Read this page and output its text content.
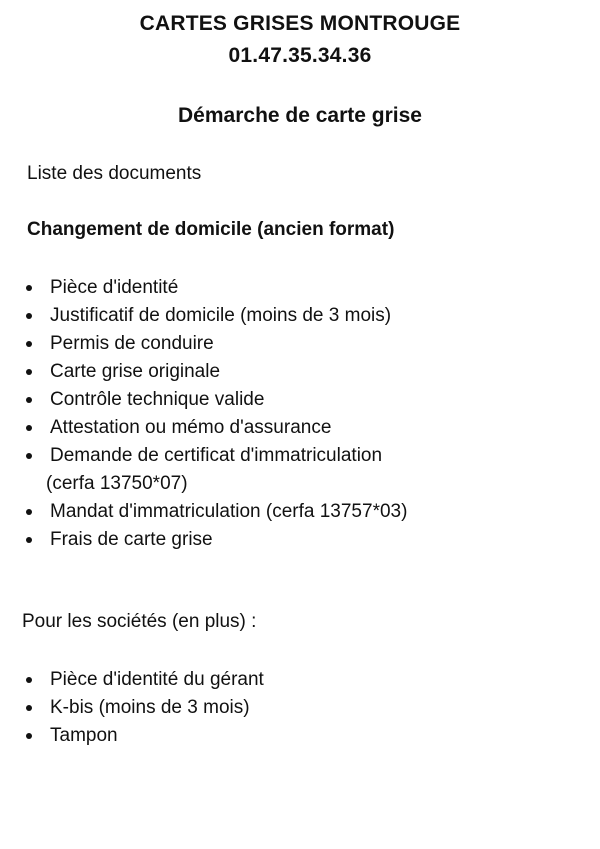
CARTES GRISES MONTROUGE
01.47.35.34.36
Démarche de carte grise

Liste des documents

Changement de domicile (ancien format)

Pièce d'identité
Justificatif de domicile (moins de 3 mois)
Permis de conduire
Carte grise originale
Contrôle technique valide
Attestation ou mémo d'assurance
Demande de certificat d'immatriculation
(cerfa 13750*07)
Mandat d'immatriculation (cerfa 13757*03)
Frais de carte grise

Pour les sociétés (en plus) :

Pièce d'identité du gérant
K-bis (moins de 3 mois)
Tampon
